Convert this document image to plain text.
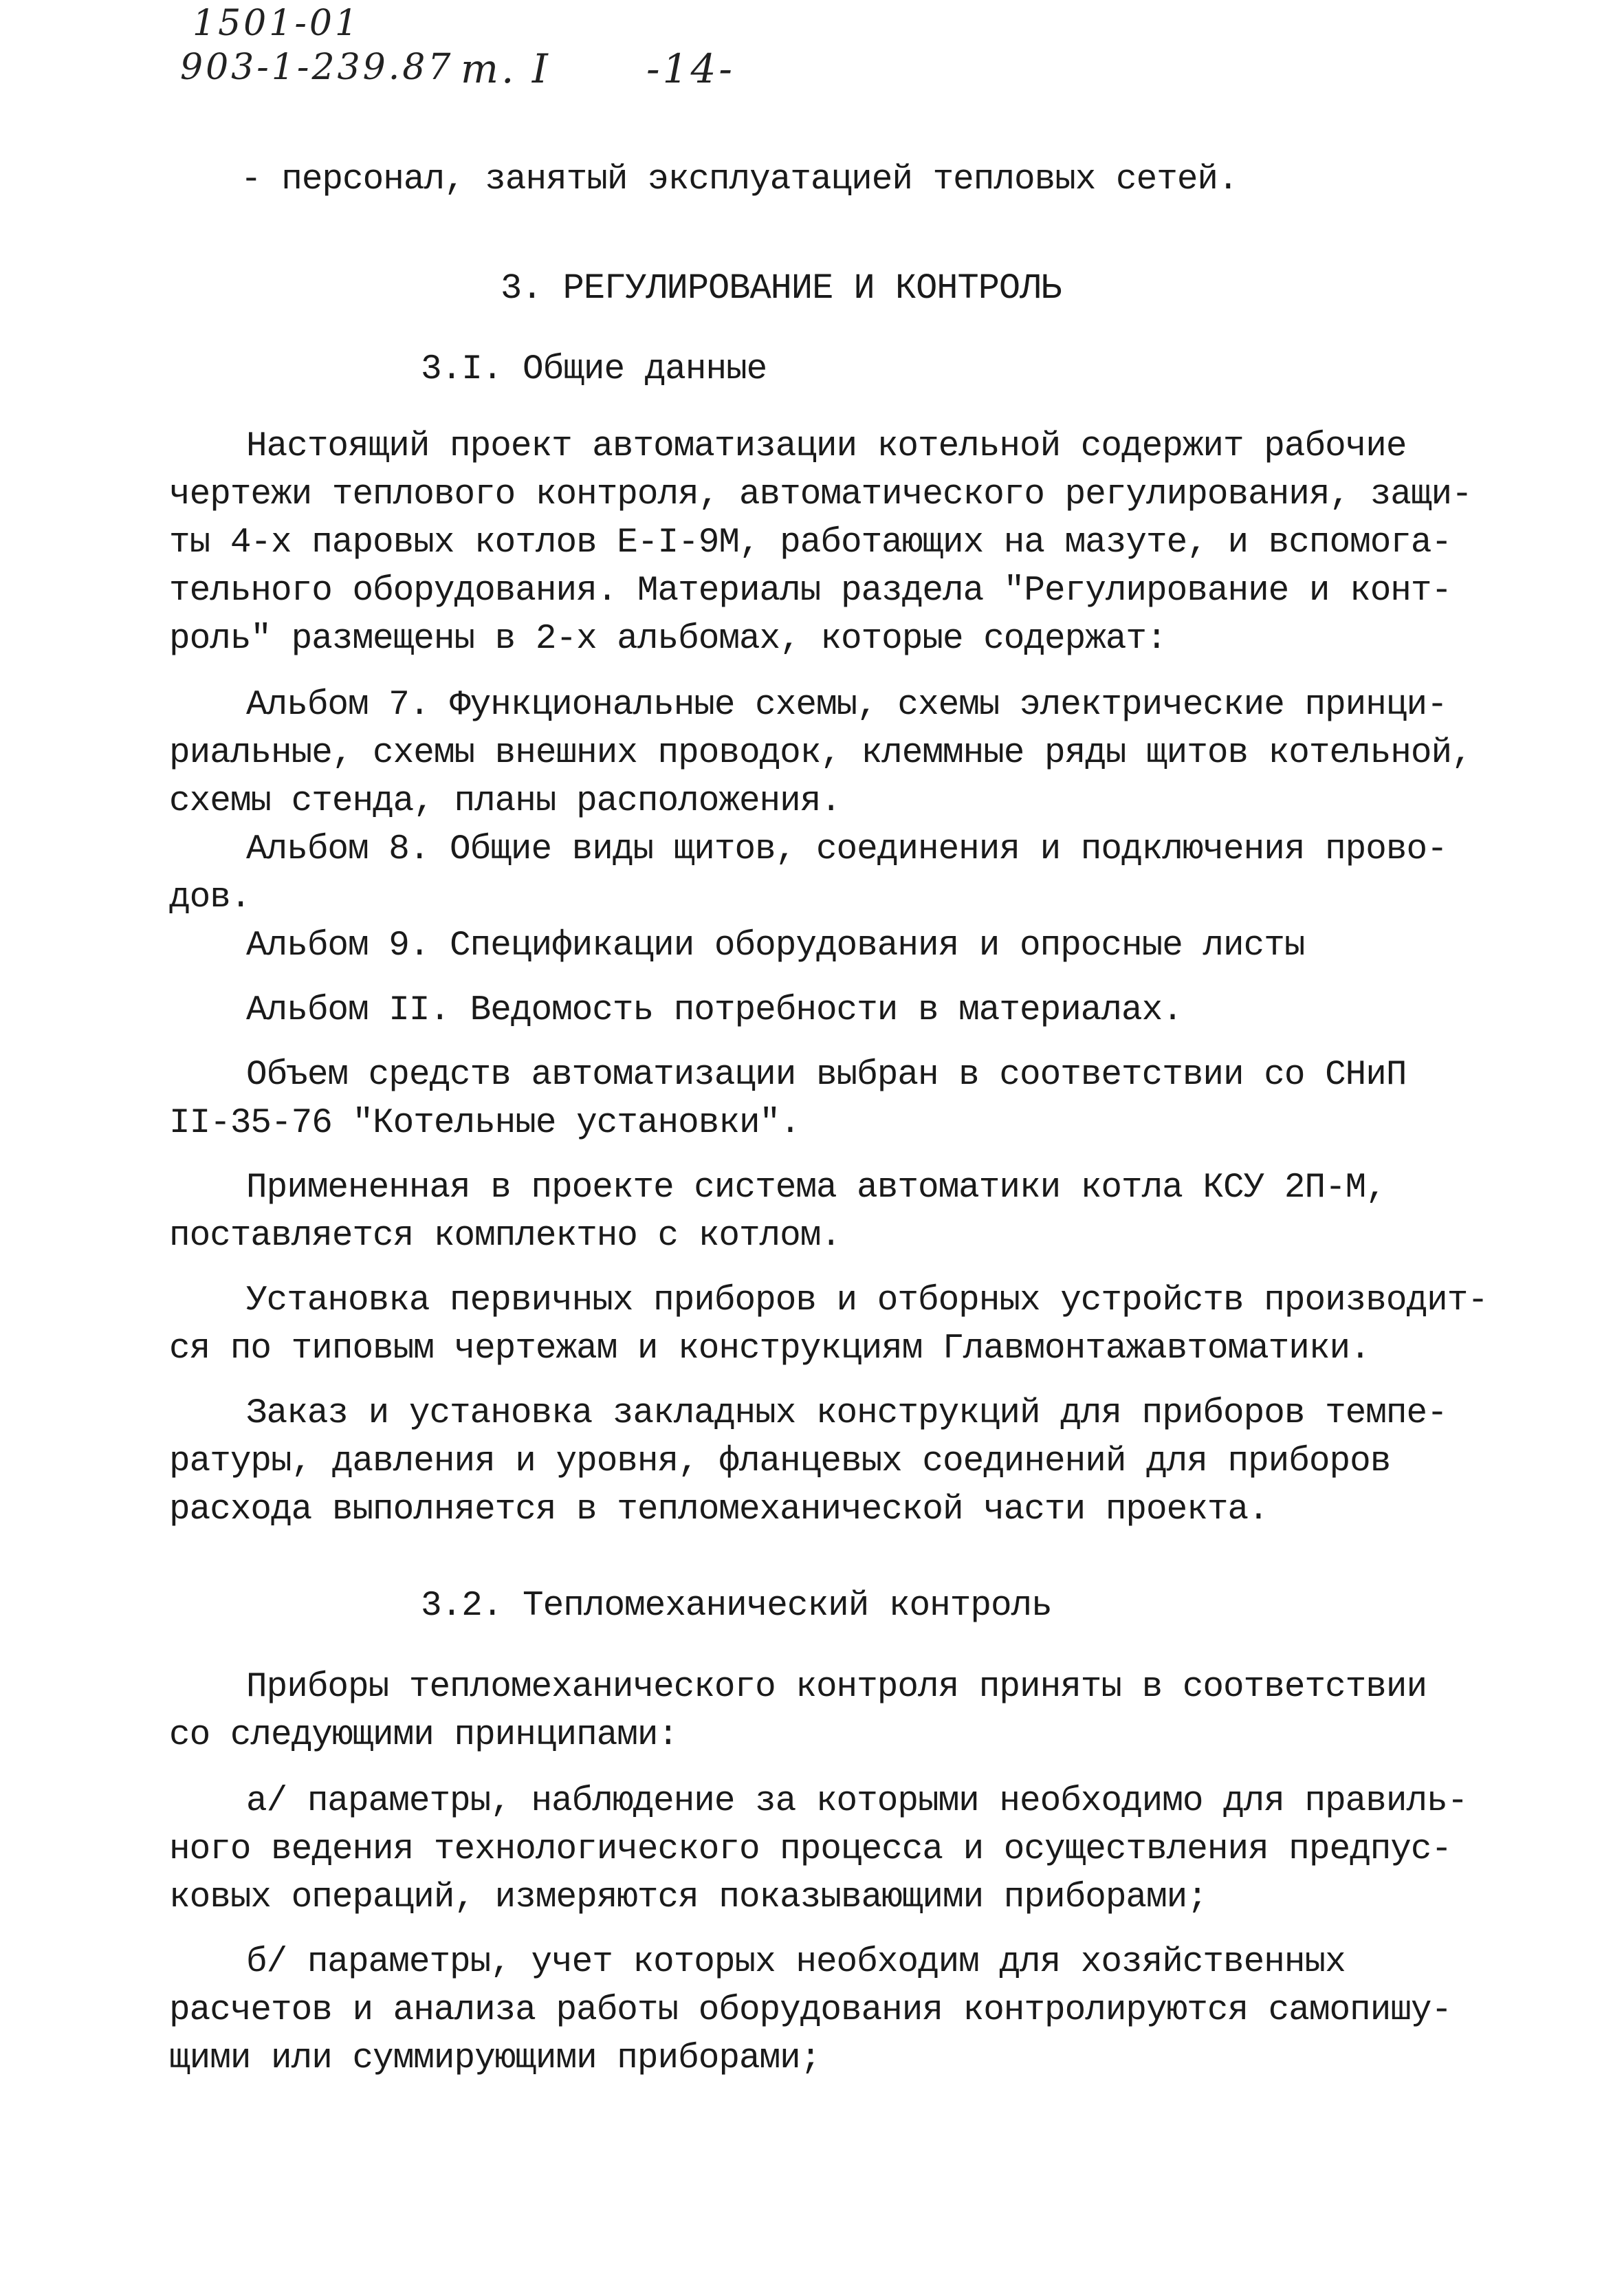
1501-01
903-1-239.87 т. I -14-
- персонал, занятый эксплуатацией тепловых сетей.
3. РЕГУЛИРОВАНИЕ И КОНТРОЛЬ
3.I. Общие данные
Настоящий проект автоматизации котельной содержит рабочие
чертежи теплового контроля, автоматического регулирования, защи-
ты 4-х паровых котлов Е-I-9М, работающих на мазуте, и вспомога-
тельного оборудования. Материалы раздела "Регулирование и конт-
роль" размещены в 2-х альбомах, которые содержат:
Альбом 7. Функциональные схемы, схемы электрические принци-
риальные, схемы внешних проводок, клеммные ряды щитов котельной,
схемы стенда, планы расположения.
Альбом 8. Общие виды щитов, соединения и подключения прово-
дов.
Альбом 9. Спецификации оборудования и опросные листы
Альбом II. Ведомость потребности в материалах.
Объем средств автоматизации выбран в соответствии со СНиП
II-35-76 "Котельные установки".
Примененная в проекте система автоматики котла КСУ 2П-М,
поставляется комплектно с котлом.
Установка первичных приборов и отборных устройств производит-
ся по типовым чертежам и конструкциям Главмонтажавтоматики.
Заказ и установка закладных конструкций для приборов темпе-
ратуры, давления и уровня, фланцевых соединений для приборов
расхода выполняется в тепломеханической части проекта.
3.2. Тепломеханический контроль
Приборы тепломеханического контроля приняты в соответствии
со следующими принципами:
а/ параметры, наблюдение за которыми необходимо для правиль-
ного ведения технологического процесса и осуществления предпус-
ковых операций, измеряются показывающими приборами;
б/ параметры, учет которых необходим для хозяйственных
расчетов и анализа работы оборудования контролируются самопишу-
щими или суммирующими приборами;
